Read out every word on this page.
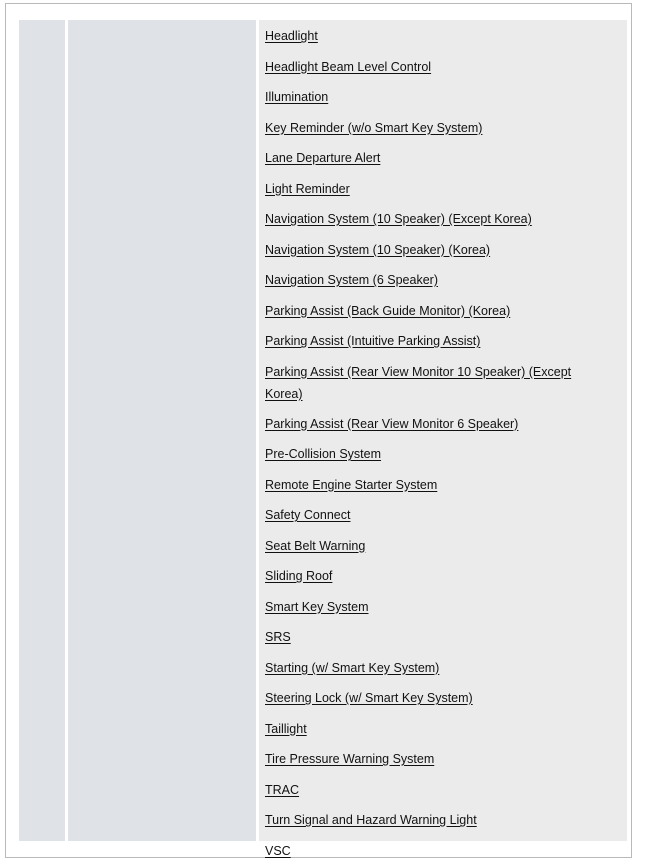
Headlight
Headlight Beam Level Control
Illumination
Key Reminder (w/o Smart Key System)
Lane Departure Alert
Light Reminder
Navigation System (10 Speaker) (Except Korea)
Navigation System (10 Speaker) (Korea)
Navigation System (6 Speaker)
Parking Assist (Back Guide Monitor) (Korea)
Parking Assist (Intuitive Parking Assist)
Parking Assist (Rear View Monitor 10 Speaker) (Except Korea)
Parking Assist (Rear View Monitor 6 Speaker)
Pre-Collision System
Remote Engine Starter System
Safety Connect
Seat Belt Warning
Sliding Roof
Smart Key System
SRS
Starting (w/ Smart Key System)
Steering Lock (w/ Smart Key System)
Taillight
Tire Pressure Warning System
TRAC
Turn Signal and Hazard Warning Light
VSC
